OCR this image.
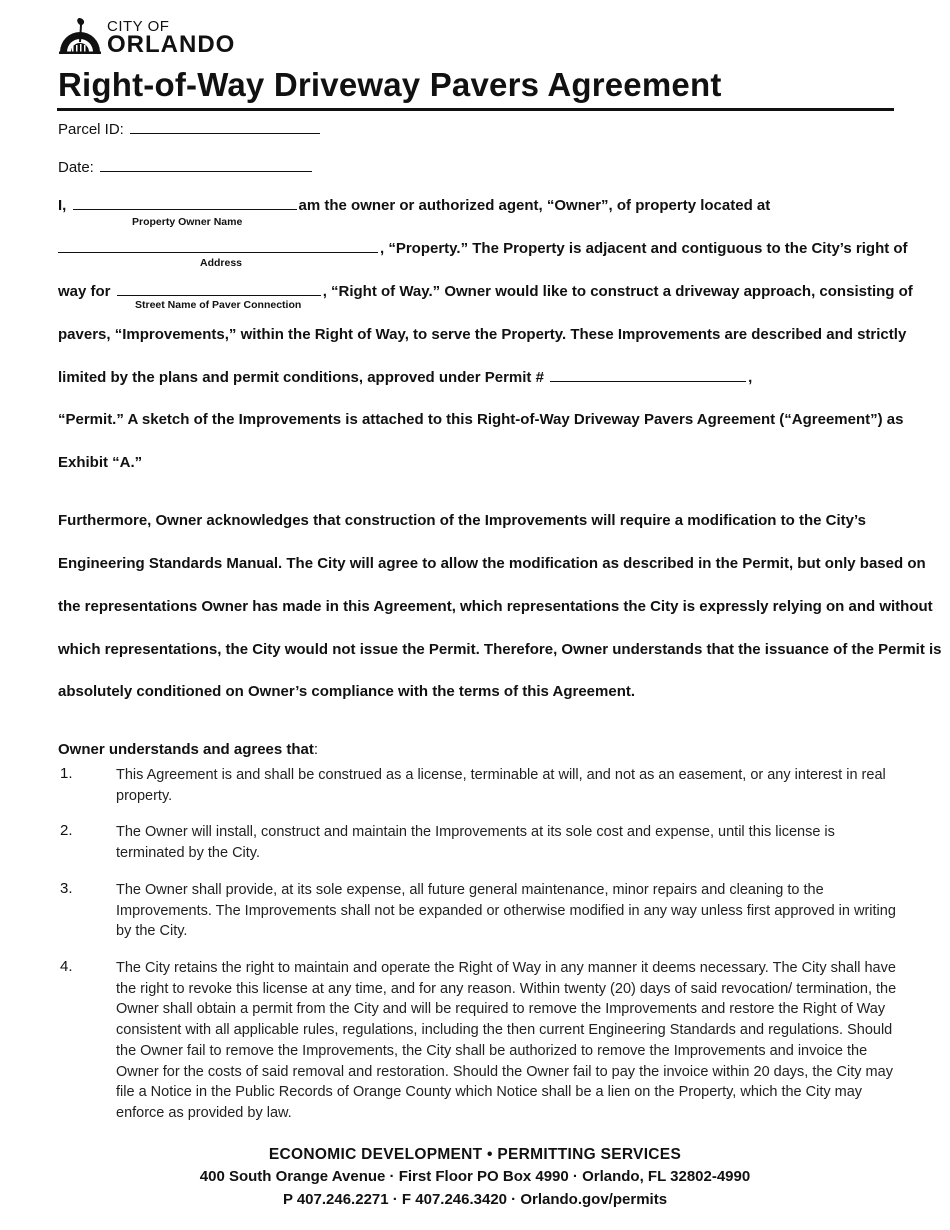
CITY OF
ORLANDO
Right-of-Way Driveway Pavers Agreement
Parcel ID:
Date:
I,	am the owner or authorized agent, “Owner”, of property located at
Property Owner Name
, “Property.” The Property is adjacent and contiguous to the City’s right of
Address
way for	, “Right of Way.” Owner would like to construct a driveway approach, consisting of
Street Name of Paver Connection
pavers, “Improvements,” within the Right of Way, to serve the Property. These Improvements are described and strictly
limited by the plans and permit conditions, approved under Permit #	,
“Permit.” A sketch of the Improvements is attached to this Right-of-Way Driveway Pavers Agreement (“Agreement”) as
Exhibit “A.”
Furthermore, Owner acknowledges that construction of the Improvements will require a modification to the City’s
Engineering Standards Manual. The City will agree to allow the modification as described in the Permit, but only based on
the representations Owner has made in this Agreement, which representations the City is expressly relying on and without
which representations, the City would not issue the Permit. Therefore, Owner understands that the issuance of the Permit is
absolutely conditioned on Owner’s compliance with the terms of this Agreement.
Owner understands and agrees that:
1.	This Agreement is and shall be construed as a license, terminable at will, and not as an easement, or any interest in real property.
2.	The Owner will install, construct and maintain the Improvements at its sole cost and expense, until this license is terminated by the City.
3.	The Owner shall provide, at its sole expense, all future general maintenance, minor repairs and cleaning to the Improvements. The Improvements shall not be expanded or otherwise modified in any way unless first approved in writing by the City.
4.	The City retains the right to maintain and operate the Right of Way in any manner it deems necessary. The City shall have the right to revoke this license at any time, and for any reason. Within twenty (20) days of said revocation/ termination, the Owner shall obtain a permit from the City and will be required to remove the Improvements and restore the Right of Way consistent with all applicable rules, regulations, including the then current Engineering Standards and regulations. Should the Owner fail to remove the Improvements, the City shall be authorized to remove the Improvements and invoice the Owner for the costs of said removal and restoration. Should the Owner fail to pay the invoice within 20 days, the City may file a Notice in the Public Records of Orange County which Notice shall be a lien on the Property, which the City may enforce as provided by law.
ECONOMIC DEVELOPMENT • PERMITTING SERVICES
400 South Orange Avenue · First Floor PO Box 4990 · Orlando, FL 32802-4990
P 407.246.2271 · F 407.246.3420 · Orlando.gov/permits
